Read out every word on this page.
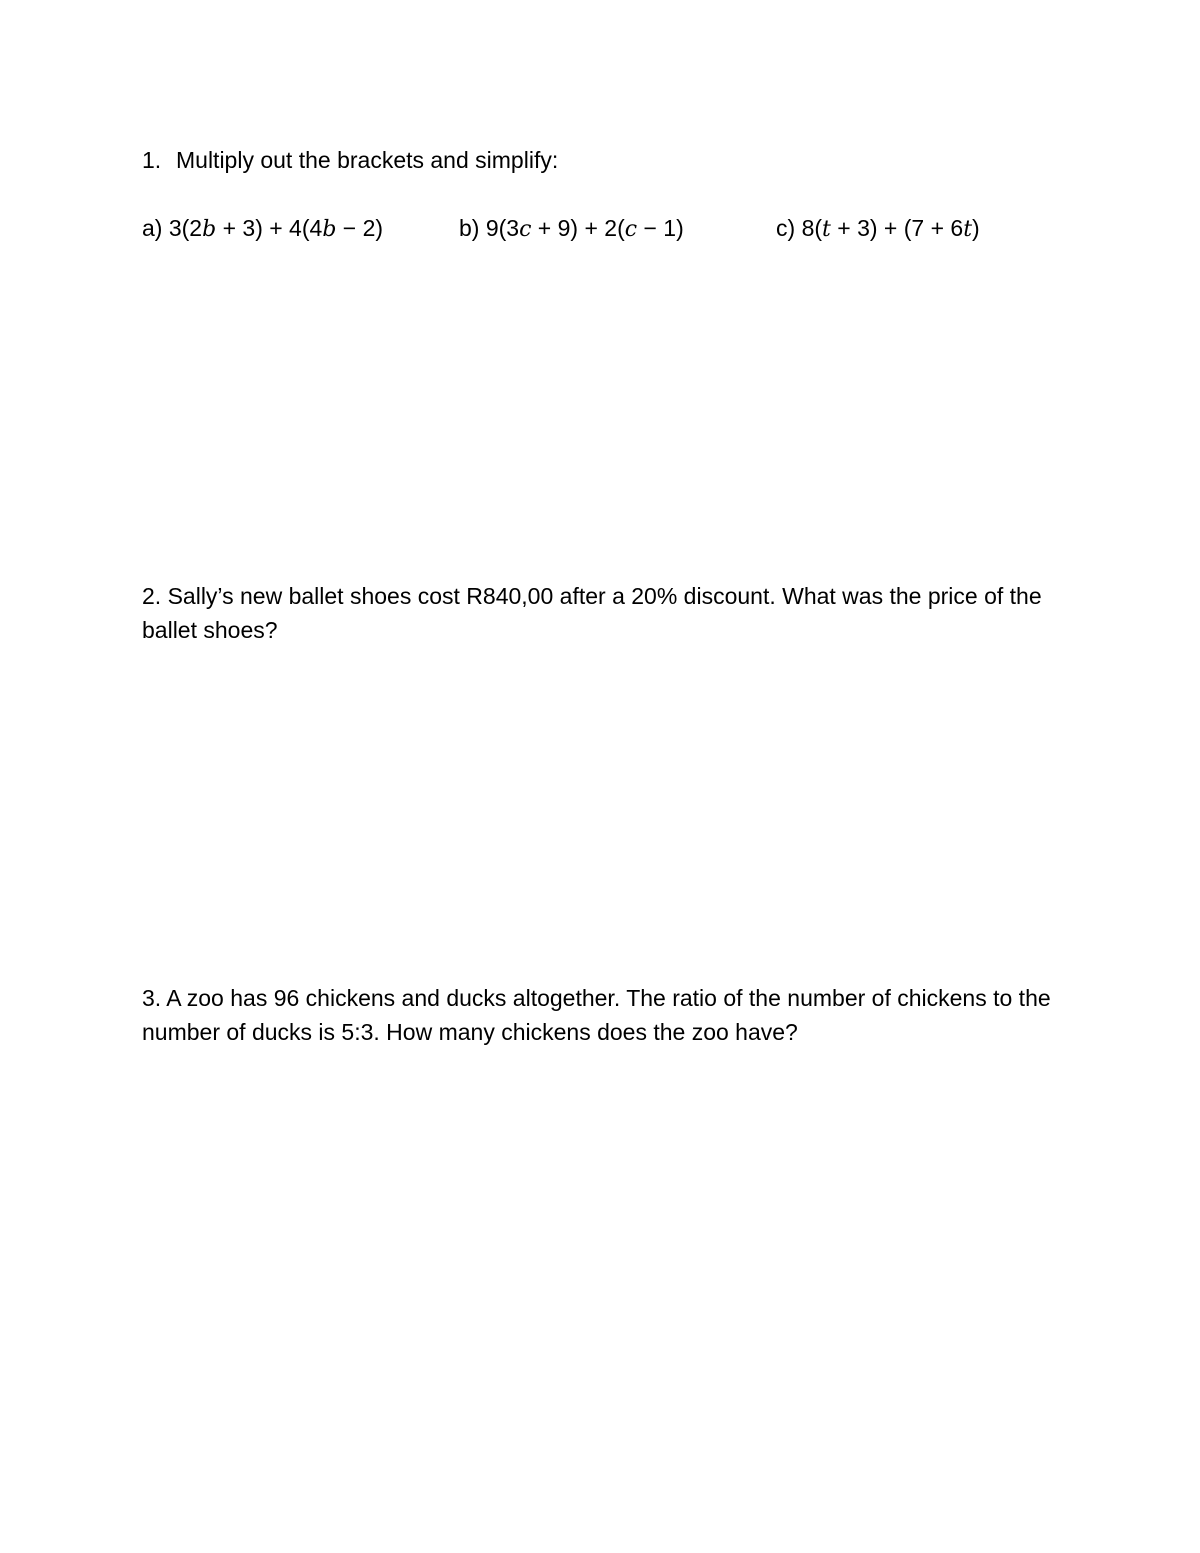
1. Multiply out the brackets and simplify:
a) 3(2b + 3) + 4(4b − 2)	b) 9(3c + 9) + 2(c − 1)	c) 8(t + 3) + (7 + 6t)
2. Sally’s new ballet shoes cost R840,00 after a 20% discount. What was the price of the ballet shoes?
3. A zoo has 96 chickens and ducks altogether. The ratio of the number of chickens to the number of ducks is 5:3. How many chickens does the zoo have?
